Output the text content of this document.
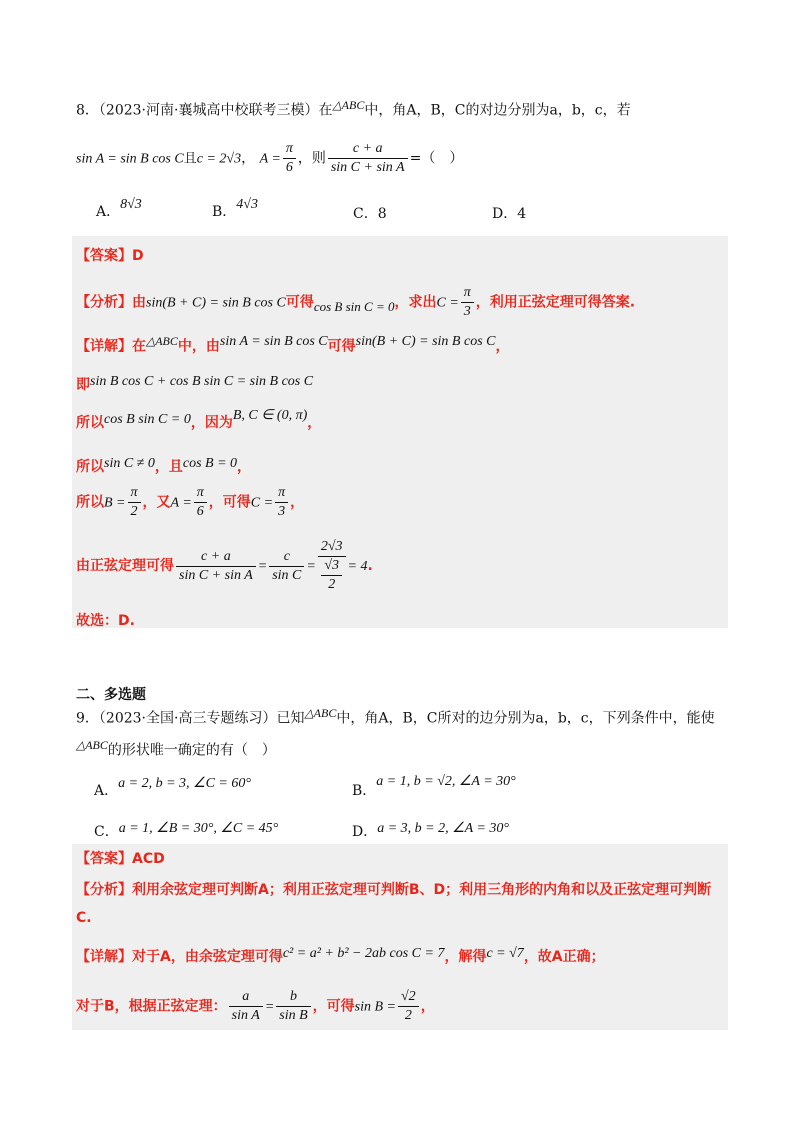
8．（2023·河南·襄城高中校联考三模）在△ABC中，角A，B，C的对边分别为a，b，c，若
sin A = sin B cos C且c = 2√3， $A = \frac{\pi}{6}$ ，则 $\frac{c + a}{\text{sin C + sin A}}$ =（　）
A．8√3	B．4√3
C．8	D．4
【答案】D
【分析】由sin(B + C) = sin B cos C可得cos B sin C = 0，求出$C = \frac{\pi}{3}$ ，利用正弦定理可得答案.
【详解】在△ABC中，由sin A = sin B cos C可得sin(B + C) = sin B cos C，
即sin B cos C + cos B sin C = sin B cos C
所以cos B sin C = 0，因为B, C ∈ (0, π)，
所以sin C ≠ 0，且cos B = 0，
所以$B = \frac{\pi}{2}$ ，又$A = \frac{\pi}{6}$ ，可得$C = \frac{\pi}{3}$ ，
由正弦定理可得 $\frac{c + a}{\text{sin C + sin A}} = \frac{c}{\text{sin C}} = \frac{2√3}{\frac{√3}{2}} = 4$.
故选：D.
二、多选题
9．（2023·全国·高三专题练习）已知△ABC中，角A，B，C所对的边分别为a，b，c，下列条件中，能使
△ABC的形状唯一确定的有（　）
A．a = 2, b = 3, ∠C = 60°	B．a = 1, b = √2, ∠A = 30°
C．a = 1, ∠B = 30°, ∠C = 45°	D．a = 3, b = 2, ∠A = 30°
【答案】ACD
【分析】利用余弦定理可判断A；利用正弦定理可判断B、D；利用三角形的内角和以及正弦定理可判断
C.
【详解】对于A，由余弦定理可得c² = a² + b² − 2ab cos C = 7，解得c = √7，故A正确；
对于B，根据正弦定理： $\frac{a}{\text{sin A}} = \frac{b}{\text{sin B}}$ ，可得$\sin B = \frac{√2}{2}$ ，
